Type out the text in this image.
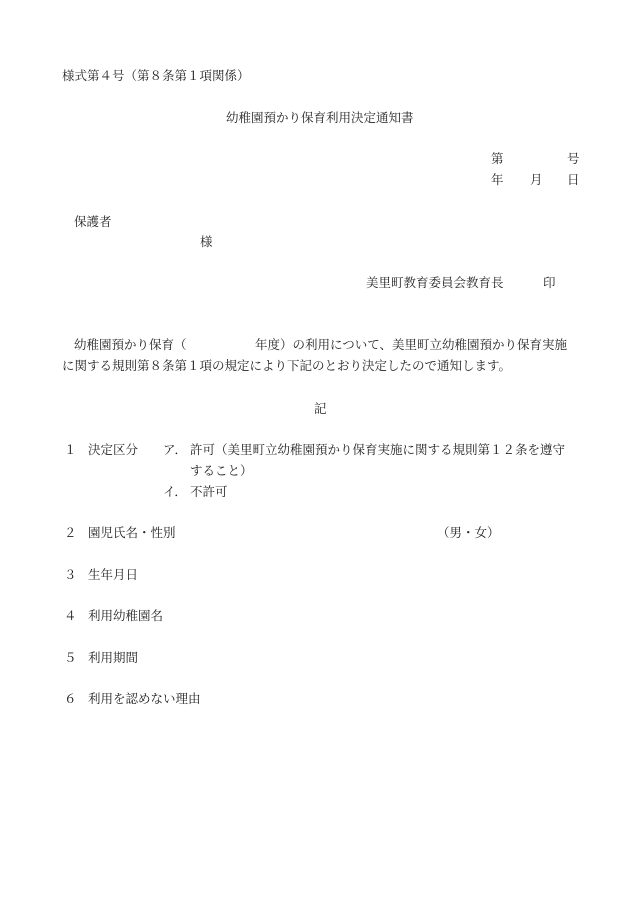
様式第４号（第８条第１項関係）
幼稚園預かり保育利用決定通知書
第	号
年 月 日
保護者
様
美里町教育委員会教育長	印
幼稚園預かり保育（	年度）の利用について、美里町立幼稚園預かり保育実施
に関する規則第８条第１項の規定により下記のとおり決定したので通知します。
記
１ 決定区分 ア． 許可（美里町立幼稚園預かり保育実施に関する規則第１２条を遵守
すること）
イ． 不許可
２ 園児氏名・性別	（男・女）
３ 生年月日
４ 利用幼稚園名
５ 利用期間
６ 利用を認めない理由
